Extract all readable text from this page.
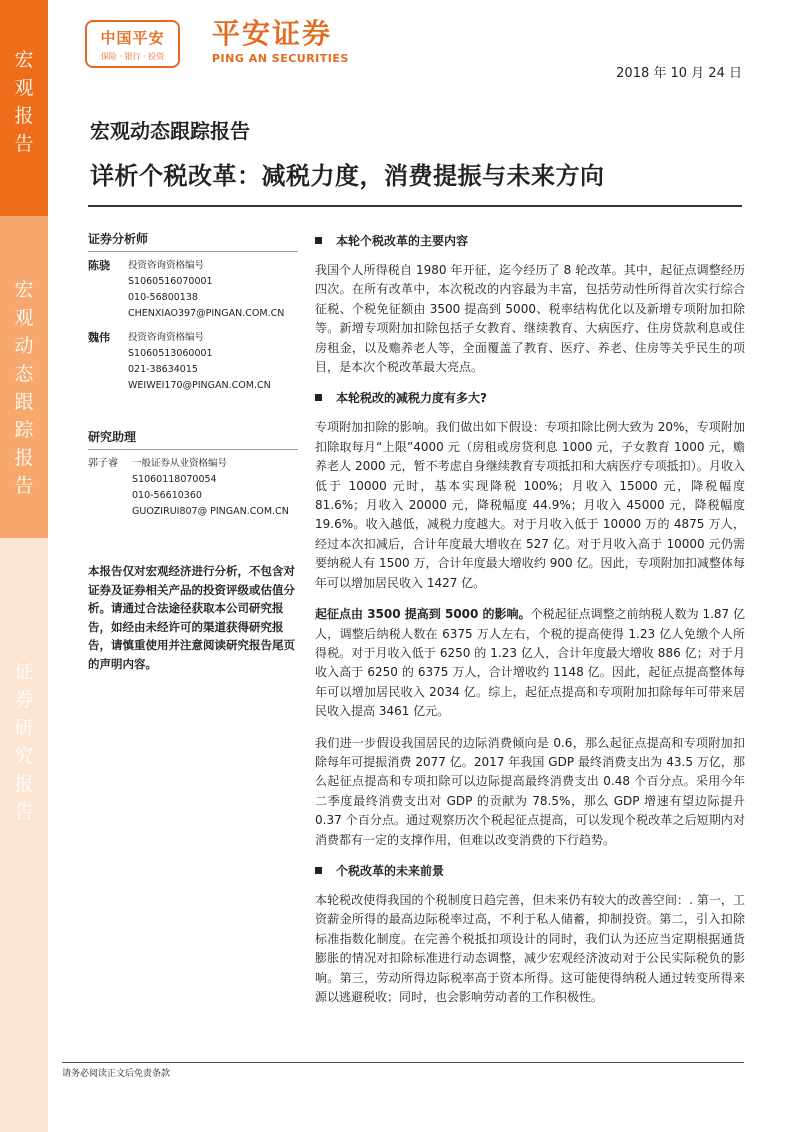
宏
观
报
告
宏
观
动
态
跟
踪
报
告
证
券
研
究
报
告
中国平安
保险 · 银行 · 投资
平安证券
PING AN SECURITIES
2018 年 10 月 24 日
宏观动态跟踪报告
详析个税改革：减税力度，消费提振与未来方向
证券分析师
陈骁	投资咨询资格编号
S1060516070001
010-56800138
CHENXIAO397@PINGAN.COM.CN
魏伟	投资咨询资格编号
S1060513060001
021-38634015
WEIWEI170@PINGAN.COM.CN
研究助理
郭子睿	一般证券从业资格编号
S1060118070054
010-56610360
GUOZIRUI807@ PINGAN.COM.CN
本报告仅对宏观经济进行分析，不包含对证券及证券相关产品的投资评级或估值分析。请通过合法途径获取本公司研究报告，如经由未经许可的渠道获得研究报告，请慎重使用并注意阅读研究报告尾页的声明内容。
本轮个税改革的主要内容

我国个人所得税自 1980 年开征，迄今经历了 8 轮改革。其中，起征点调整经历四次。在所有改革中，本次税改的内容最为丰富，包括劳动性所得首次实行综合征税、个税免征额由 3500 提高到 5000、税率结构优化以及新增专项附加扣除等。新增专项附加扣除包括子女教育、继续教育、大病医疗、住房贷款利息或住房租金，以及赡养老人等，全面覆盖了教育、医疗、养老、住房等关乎民生的项目，是本次个税改革最大亮点。

本轮税改的减税力度有多大?

专项附加扣除的影响。我们做出如下假设：专项扣除比例大致为 20%，专项附加扣除取每月“上限”4000 元（房租或房贷利息 1000 元，子女教育 1000 元，赡养老人 2000 元，暂不考虑自身继续教育专项抵扣和大病医疗专项抵扣）。月收入低于 10000 元时，基本实现降税 100%；月收入 15000 元，降税幅度 81.6%；月收入 20000 元，降税幅度 44.9%；月收入 45000 元，降税幅度 19.6%。收入越低，减税力度越大。对于月收入低于 10000 万的 4875 万人，经过本次扣减后，合计年度最大增收在 527 亿。对于月收入高于 10000 元仍需要纳税人有 1500 万，合计年度最大增收约 900 亿。因此，专项附加扣减整体每年可以增加居民收入 1427 亿。

起征点由 3500 提高到 5000 的影响。个税起征点调整之前纳税人数为 1.87 亿人，调整后纳税人数在 6375 万人左右，个税的提高使得 1.23 亿人免缴个人所得税。对于月收入低于 6250 的 1.23 亿人，合计年度最大增收 886 亿；对于月收入高于 6250 的 6375 万人，合计增收约 1148 亿。因此，起征点提高整体每年可以增加居民收入 2034 亿。综上，起征点提高和专项附加扣除每年可带来居民收入提高 3461 亿元。

我们进一步假设我国居民的边际消费倾向是 0.6，那么起征点提高和专项附加扣除每年可提振消费 2077 亿。2017 年我国 GDP 最终消费支出为 43.5 万亿，那么起征点提高和专项扣除可以边际提高最终消费支出 0.48 个百分点。采用今年二季度最终消费支出对 GDP 的贡献为 78.5%，那么 GDP 增速有望边际提升 0.37 个百分点。通过观察历次个税起征点提高，可以发现个税改革之后短期内对消费都有一定的支撑作用，但难以改变消费的下行趋势。

个税改革的未来前景

本轮税改使得我国的个税制度日趋完善，但未来仍有较大的改善空间：. 第一，工资薪金所得的最高边际税率过高，不利于私人储蓄，抑制投资。第二，引入扣除标准指数化制度。在完善个税抵扣项设计的同时，我们认为还应当定期根据通货膨胀的情况对扣除标准进行动态调整，减少宏观经济波动对于公民实际税负的影响。第三，劳动所得边际税率高于资本所得。这可能使得纳税人通过转变所得来源以逃避税收；同时，也会影响劳动者的工作积极性。

请务必阅读正文后免责条款
